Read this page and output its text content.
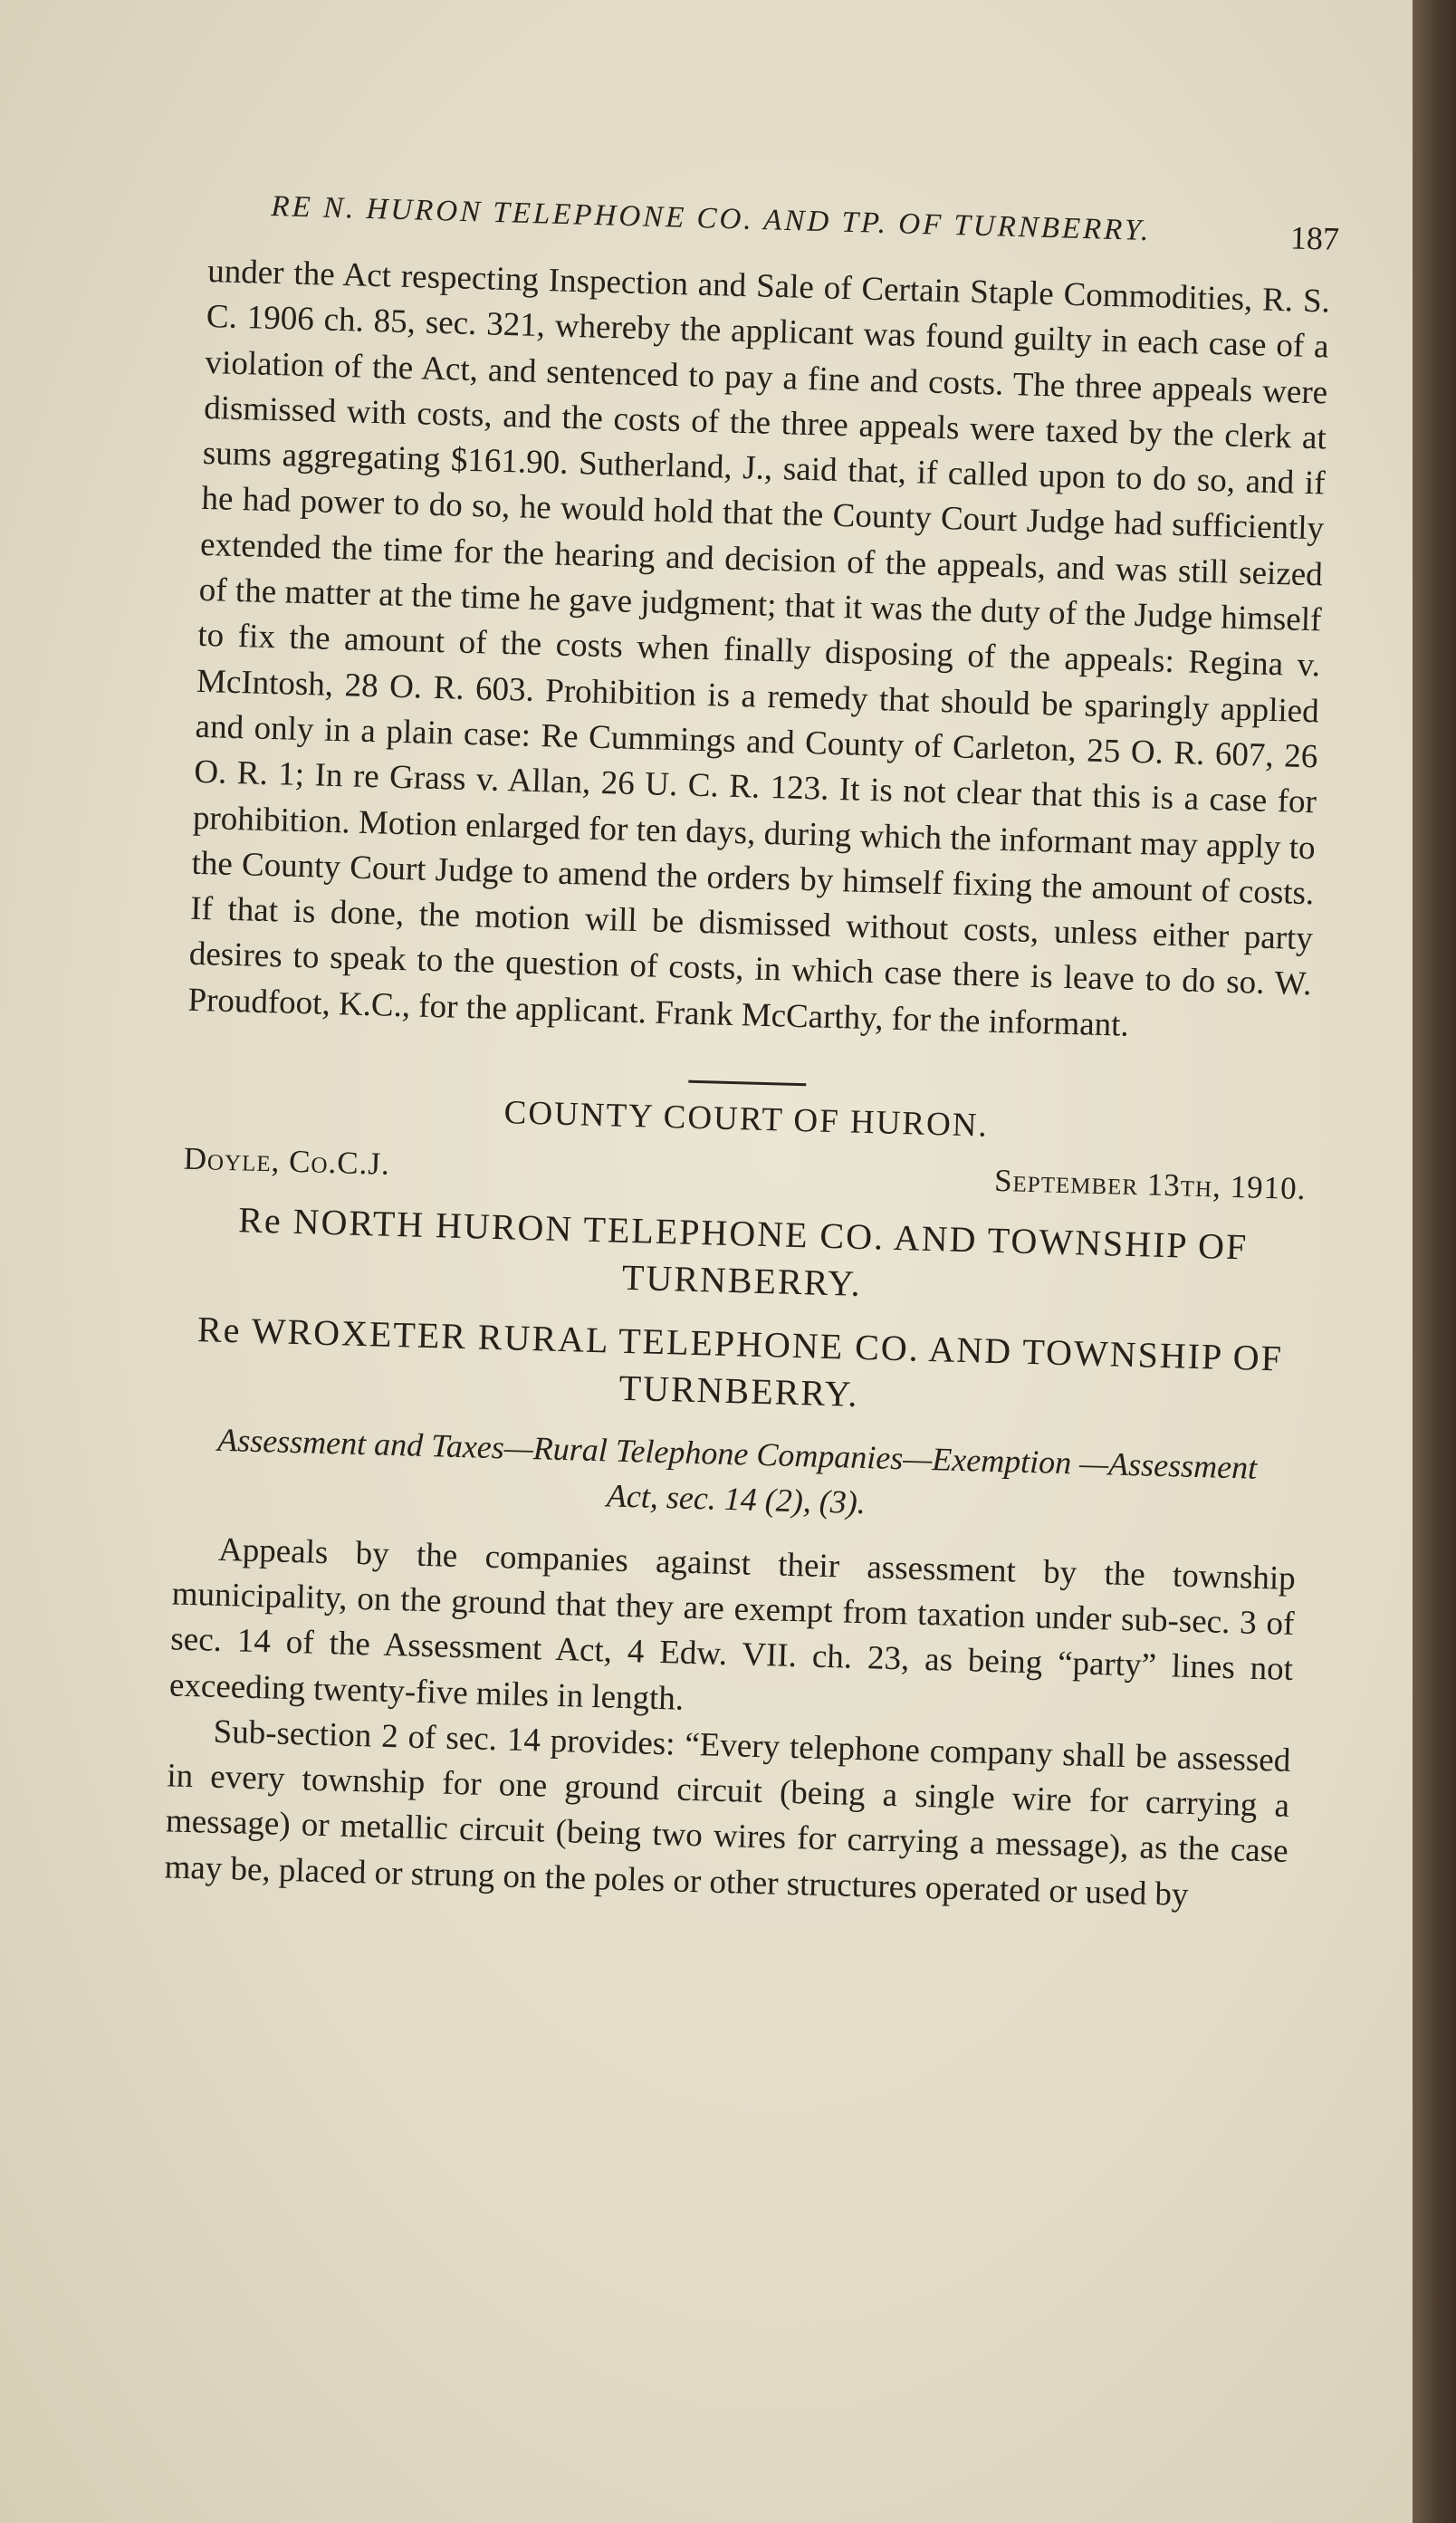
RE N. HURON TELEPHONE CO. AND TP. OF TURNBERRY.	187

under the Act respecting Inspection and Sale of Certain Staple Commodities, R. S. C. 1906 ch. 85, sec. 321, whereby the applicant was found guilty in each case of a violation of the Act, and sentenced to pay a fine and costs. The three appeals were dismissed with costs, and the costs of the three appeals were taxed by the clerk at sums aggregating $161.90. Sutherland, J., said that, if called upon to do so, and if he had power to do so, he would hold that the County Court Judge had sufficiently extended the time for the hearing and decision of the appeals, and was still seized of the matter at the time he gave judgment; that it was the duty of the Judge himself to fix the amount of the costs when finally disposing of the appeals: Regina v. McIntosh, 28 O. R. 603. Prohibition is a remedy that should be sparingly applied and only in a plain case: Re Cummings and County of Carleton, 25 O. R. 607, 26 O. R. 1; In re Grass v. Allan, 26 U. C. R. 123. It is not clear that this is a case for prohibition. Motion enlarged for ten days, during which the informant may apply to the County Court Judge to amend the orders by himself fixing the amount of costs. If that is done, the motion will be dismissed without costs, unless either party desires to speak to the question of costs, in which case there is leave to do so. W. Proudfoot, K.C., for the applicant. Frank McCarthy, for the informant.

COUNTY COURT OF HURON.
Doyle, Co.C.J.
September 13th, 1910.
Re NORTH HURON TELEPHONE CO. AND TOWNSHIP OF TURNBERRY.
Re WROXETER RURAL TELEPHONE CO. AND TOWNSHIP OF TURNBERRY.
Assessment and Taxes—Rural Telephone Companies—Exemption —Assessment Act, sec. 14 (2), (3).

Appeals by the companies against their assessment by the township municipality, on the ground that they are exempt from taxation under sub-sec. 3 of sec. 14 of the Assessment Act, 4 Edw. VII. ch. 23, as being “party” lines not exceeding twenty-five miles in length.

Sub-section 2 of sec. 14 provides: “Every telephone company shall be assessed in every township for one ground circuit (being a single wire for carrying a message) or metallic circuit (being two wires for carrying a message), as the case may be, placed or strung on the poles or other structures operated or used by
